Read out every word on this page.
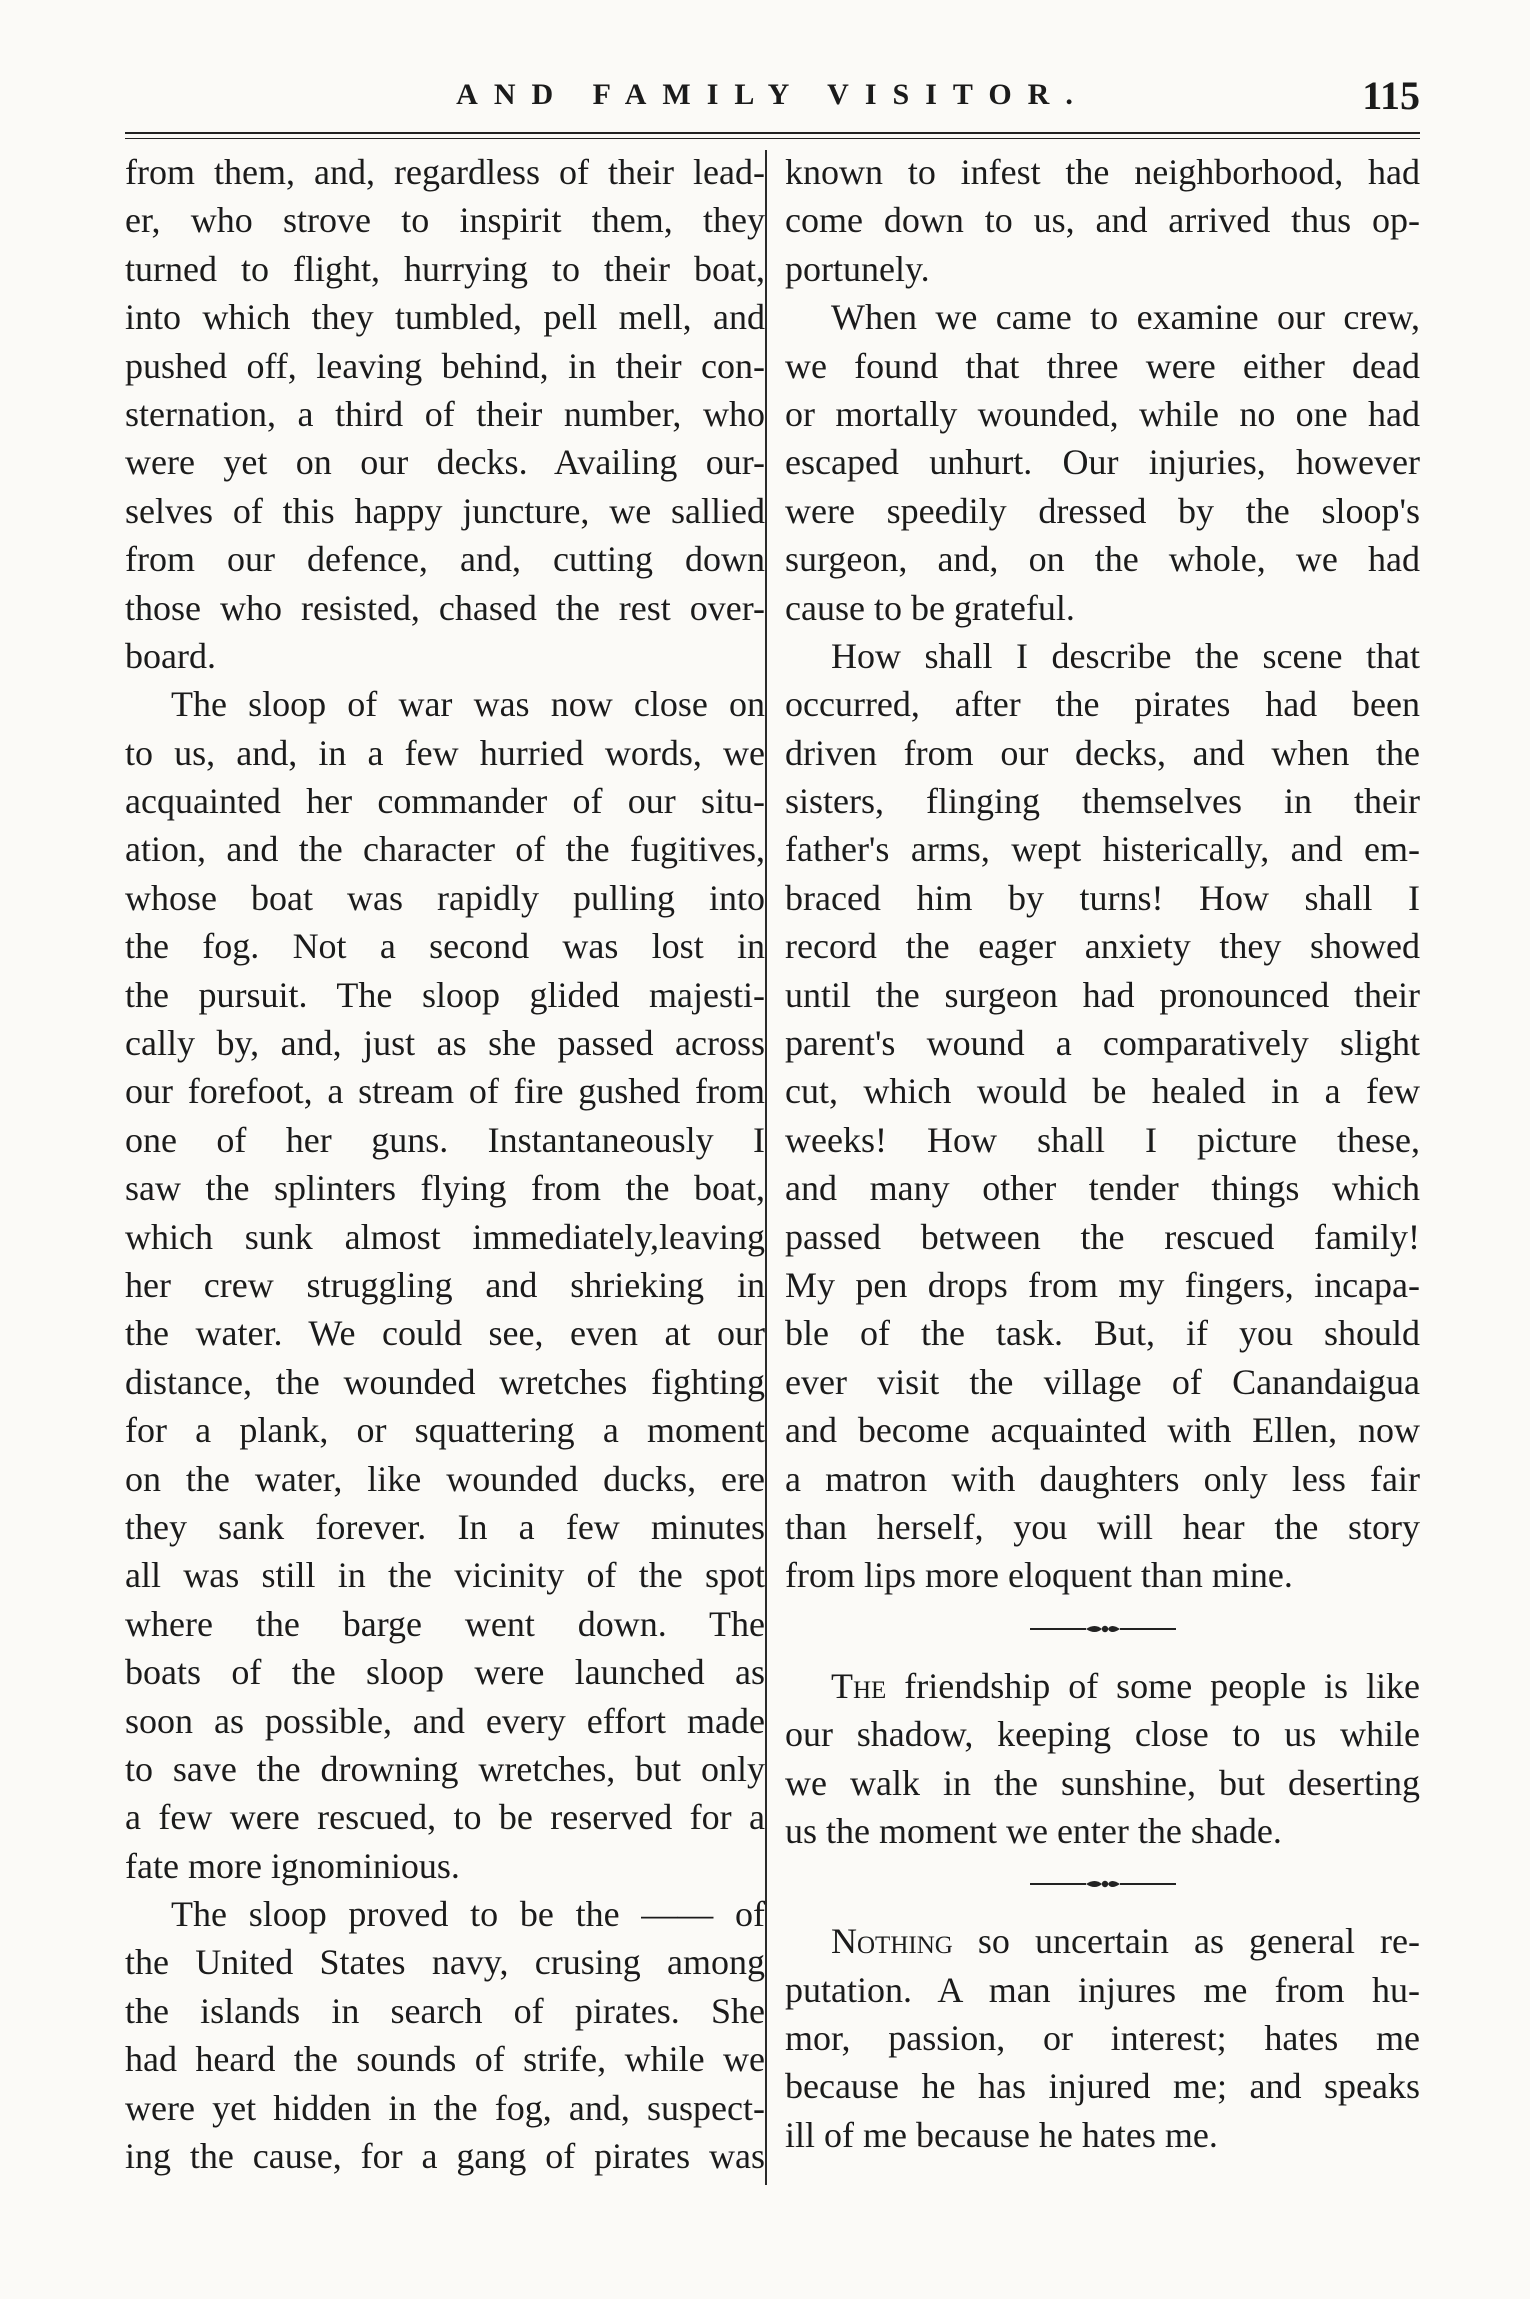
AND FAMILY VISITOR.	115
from them, and, regardless of their lead-
er, who strove to inspirit them, they
turned to flight, hurrying to their boat,
into which they tumbled, pell mell, and
pushed off, leaving behind, in their con-
sternation, a third of their number, who
were yet on our decks. Availing our-
selves of this happy juncture, we sallied
from our defence, and, cutting down
those who resisted, chased the rest over-
board.
The sloop of war was now close on
to us, and, in a few hurried words, we
acquainted her commander of our situ-
ation, and the character of the fugitives,
whose boat was rapidly pulling into
the fog. Not a second was lost in
the pursuit. The sloop glided majesti-
cally by, and, just as she passed across
our forefoot, a stream of fire gushed from
one of her guns. Instantaneously I
saw the splinters flying from the boat,
which sunk almost immediately,leaving
her crew struggling and shrieking in
the water. We could see, even at our
distance, the wounded wretches fighting
for a plank, or squattering a moment
on the water, like wounded ducks, ere
they sank forever. In a few minutes
all was still in the vicinity of the spot
where the barge went down. The
boats of the sloop were launched as
soon as possible, and every effort made
to save the drowning wretches, but only
a few were rescued, to be reserved for a
fate more ignominious.
The sloop proved to be the —— of
the United States navy, crusing among
the islands in search of pirates. She
had heard the sounds of strife, while we
were yet hidden in the fog, and, suspect-
ing the cause, for a gang of pirates was
known to infest the neighborhood, had
come down to us, and arrived thus op-
portunely.
When we came to examine our crew,
we found that three were either dead
or mortally wounded, while no one had
escaped unhurt. Our injuries, however
were speedily dressed by the sloop's
surgeon, and, on the whole, we had
cause to be grateful.
How shall I describe the scene that
occurred, after the pirates had been
driven from our decks, and when the
sisters, flinging themselves in their
father's arms, wept histerically, and em-
braced him by turns! How shall I
record the eager anxiety they showed
until the surgeon had pronounced their
parent's wound a comparatively slight
cut, which would be healed in a few
weeks! How shall I picture these,
and many other tender things which
passed between the rescued family!
My pen drops from my fingers, incapa-
ble of the task. But, if you should
ever visit the village of Canandaigua
and become acquainted with Ellen, now
a matron with daughters only less fair
than herself, you will hear the story
from lips more eloquent than mine.
The friendship of some people is like
our shadow, keeping close to us while
we walk in the sunshine, but deserting
us the moment we enter the shade.
Nothing so uncertain as general re-
putation. A man injures me from hu-
mor, passion, or interest; hates me
because he has injured me; and speaks
ill of me because he hates me.
